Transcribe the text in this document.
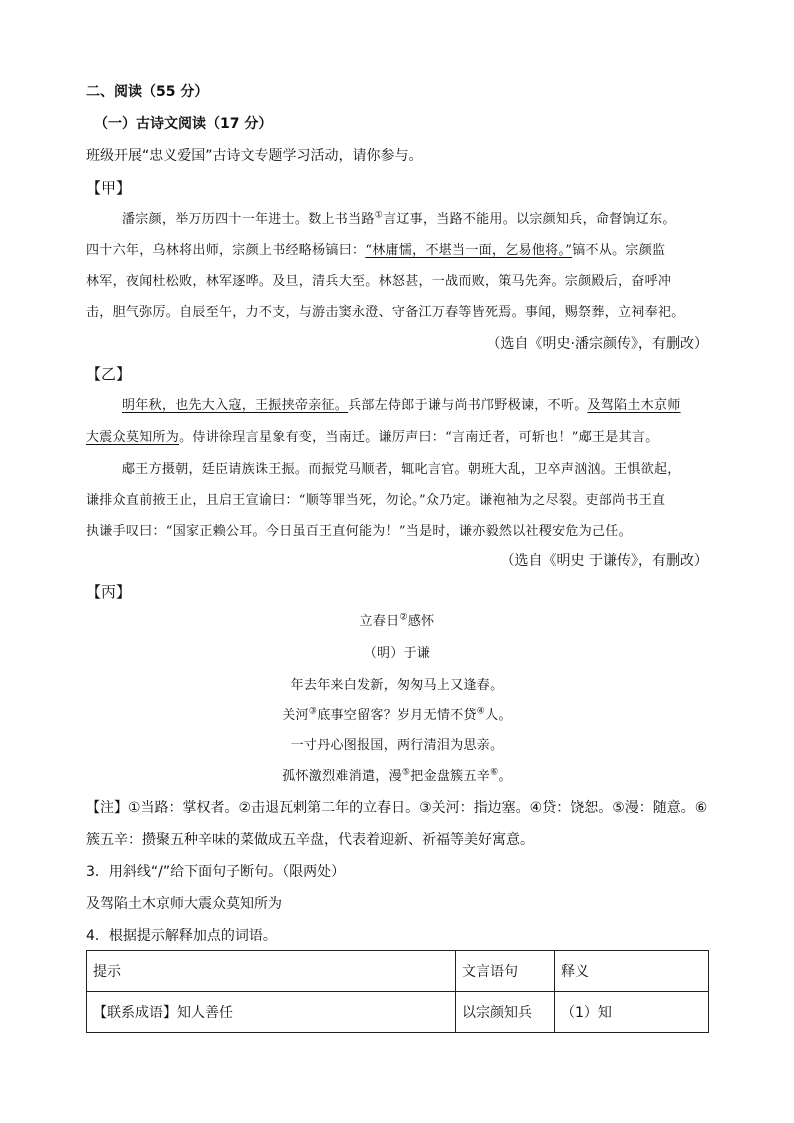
二、阅读（55 分）
（一）古诗文阅读（17 分）
班级开展“忠义爱国”古诗文专题学习活动，请你参与。
【甲】
潘宗颜，举万历四十一年进士。数上书当路①言辽事，当路不能用。以宗颜知兵，命督饷辽东。
四十六年，乌林将出师，宗颜上书经略杨镐曰：“林庸懦，不堪当一面，乞易他将。”镐不从。宗颜监
林军，夜闻杜松败，林军逐哗。及旦，清兵大至。林怒甚，一战而败，策马先奔。宗颜殿后，奋呼冲
击，胆气弥厉。自辰至午，力不支，与游击窦永澄、守备江万春等皆死焉。事闻，赐祭葬，立祠奉祀。
（选自《明史·潘宗颜传》，有删改）
【乙】
明年秋，也先大入寇，王振挟帝亲征。兵部左侍郎于谦与尚书邝野极谏，不听。及驾陷土木京师
大震众莫知所为。侍讲徐珵言星象有变，当南迁。谦厉声曰：“言南迁者，可斩也！”郕王是其言。
郕王方摄朝，廷臣请族诛王振。而振党马顺者，辄叱言官。朝班大乱，卫卒声汹汹。王惧欲起，
谦排众直前掖王止，且启王宣谕曰：“顺等罪当死，勿论。”众乃定。谦袍袖为之尽裂。吏部尚书王直
执谦手叹曰：“国家正赖公耳。今日虽百王直何能为！”当是时，谦亦毅然以社稷安危为己任。
（选自《明史 于谦传》，有删改）
【丙】
立春日②感怀
（明）于谦
年去年来白发新，匆匆马上又逢春。
关河③底事空留客？岁月无情不贷④人。
一寸丹心图报国，两行清泪为思亲。
孤怀激烈难消遣，漫⑤把金盘簇五辛⑥。
【注】①当路：掌权者。②击退瓦剌第二年的立春日。③关河：指边塞。④贷：饶恕。⑤漫：随意。⑥
簇五辛：攒聚五种辛味的菜做成五辛盘，代表着迎新、祈福等美好寓意。
3．用斜线“/”给下面句子断句。（限两处）
及驾陷土木京师大震众莫知所为
4．根据提示解释加点的词语。
提示	文言语句	释义
【联系成语】知人善任	以宗颜知兵	（1）知
